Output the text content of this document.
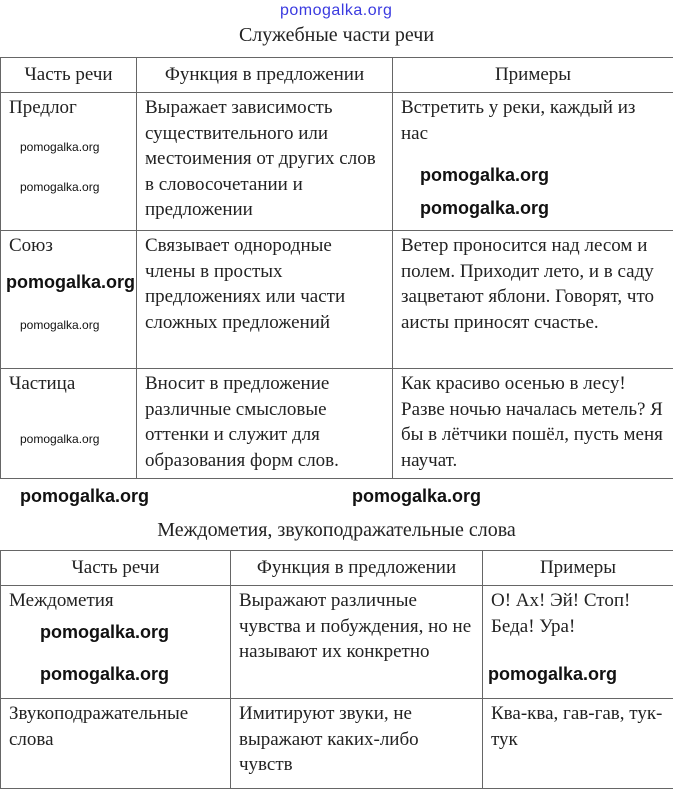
Служебные части речи
Часть речи	Функция в предложении	Примеры
Предлог	Выражает зависимость существительного или местоимения от других слов в словосочетании и предложении	Встретить у реки, каждый из нас
Союз	Связывает однородные члены в простых предложениях или части сложных предложений	Ветер проносится над лесом и полем. Приходит лето, и в саду зацветают яблони. Говорят, что аисты приносят счастье.
Частица	Вносит в предложение различные смысловые оттенки и служит для образования форм слов.	Как красиво осенью в лесу! Разве ночью началась метель? Я бы в лётчики пошёл, пусть меня научат.
Междометия, звукоподражательные слова
Часть речи	Функция в предложении	Примеры
Междометия	Выражают различные чувства и побуждения, но не называют их конкретно	О! Ах! Эй! Стоп! Беда! Ура!
Звукоподражательные слова	Имитируют звуки, не выражают каких-либо чувств	Ква-ква, гав-гав, тук-тук
pomogalka.org
pomogalka.org
pomogalka.org
pomogalka.org
pomogalka.org
pomogalka.org
pomogalka.org
pomogalka.org
pomogalka.org
pomogalka.org
pomogalka.org
pomogalka.org
pomogalka.org
